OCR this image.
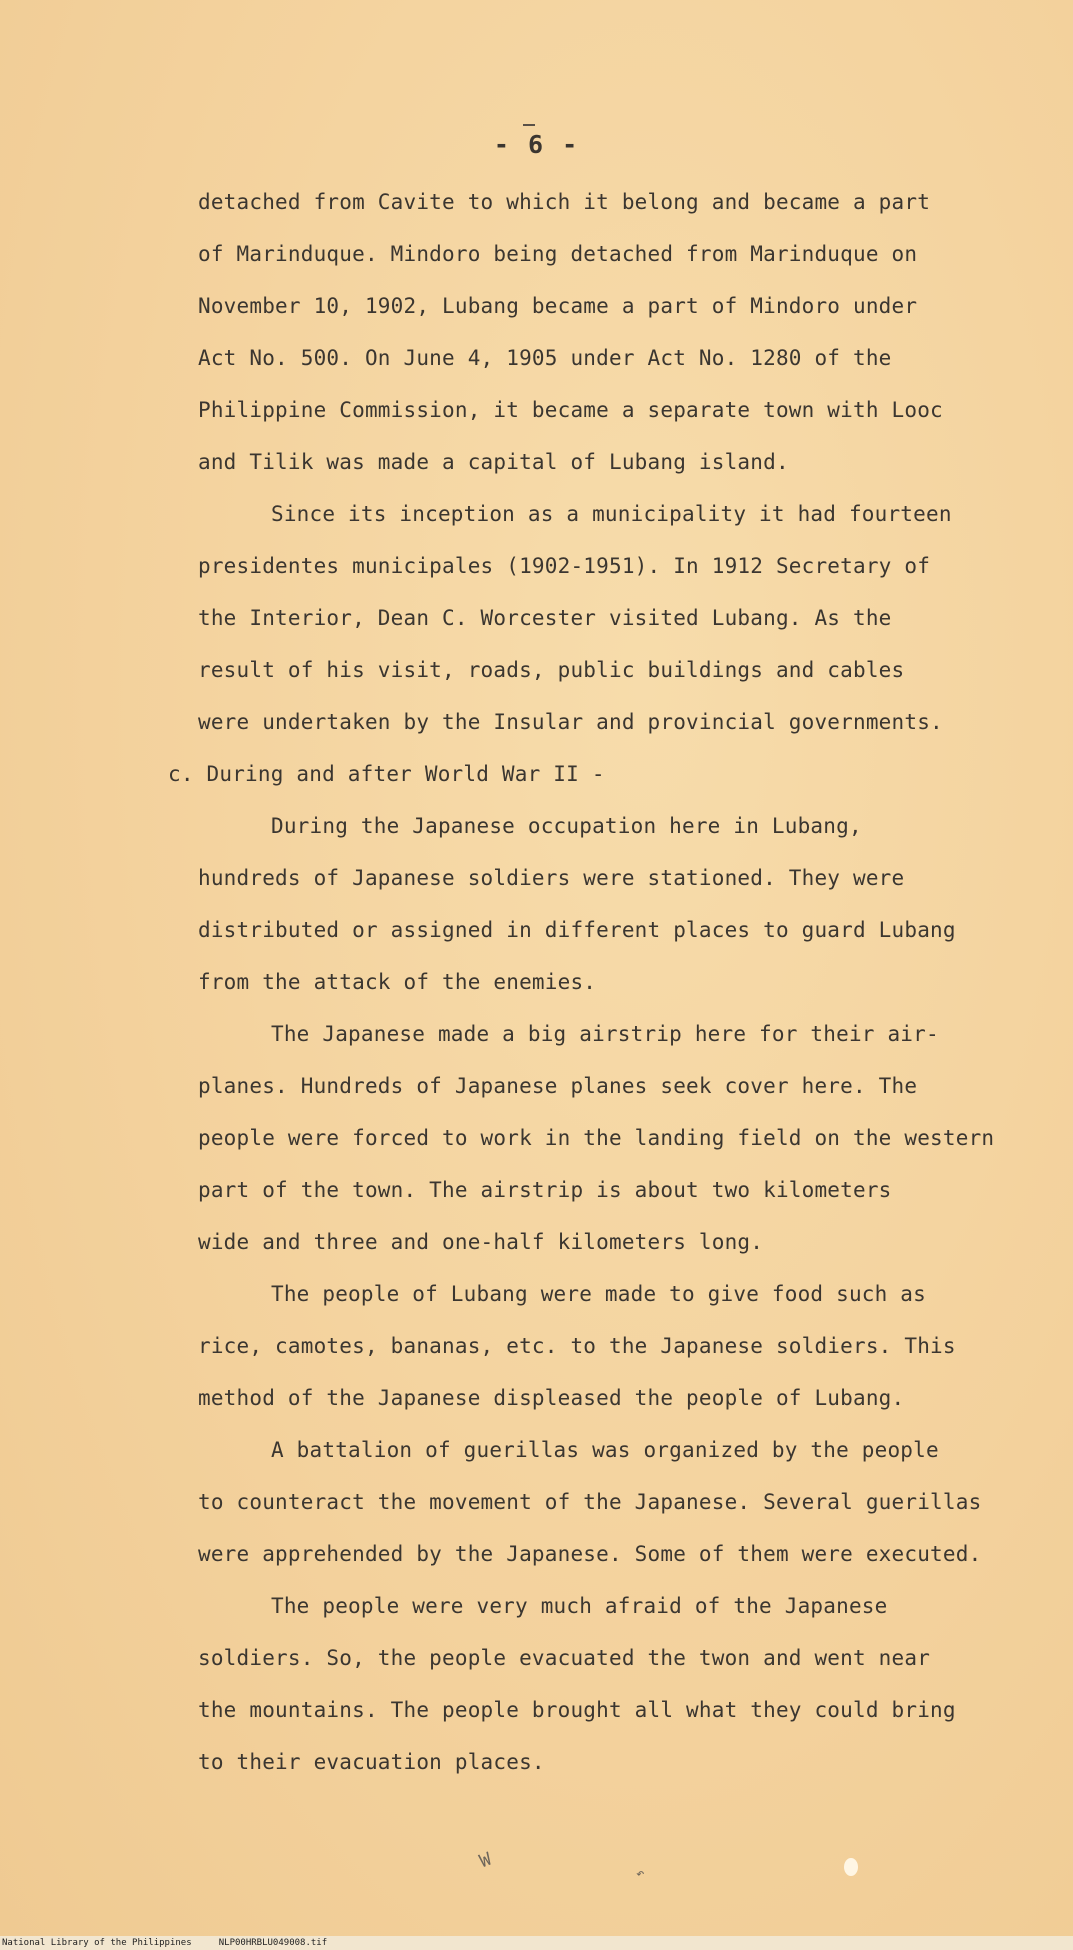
- 6 -
detached from Cavite to which it belong and became a part
of Marinduque. Mindoro being detached from Marinduque on
November 10, 1902, Lubang became a part of Mindoro under
Act No. 500. On June 4, 1905 under Act No. 1280 of the
Philippine Commission, it became a separate town with Looc
and Tilik was made a capital of Lubang island.
Since its inception as a municipality it had fourteen
presidentes municipales (1902-1951). In 1912 Secretary of
the Interior, Dean C. Worcester visited Lubang. As the
result of his visit, roads, public buildings and cables
were undertaken by the Insular and provincial governments.
c. During and after World War II -
During the Japanese occupation here in Lubang,
hundreds of Japanese soldiers were stationed. They were
distributed or assigned in different places to guard Lubang
from the attack of the enemies.
The Japanese made a big airstrip here for their air-
planes. Hundreds of Japanese planes seek cover here. The
people were forced to work in the landing field on the western
part of the town. The airstrip is about two kilometers
wide and three and one-half kilometers long.
The people of Lubang were made to give food such as
rice, camotes, bananas, etc. to the Japanese soldiers. This
method of the Japanese displeased the people of Lubang.
A battalion of guerillas was organized by the people
to counteract the movement of the Japanese. Several guerillas
were apprehended by the Japanese. Some of them were executed.
The people were very much afraid of the Japanese
soldiers. So, the people evacuated the twon and went near
the mountains. The people brought all what they could bring
to their evacuation places.
W
↶
National Library of the Philippines	NLP00HRBLU049008.tif
